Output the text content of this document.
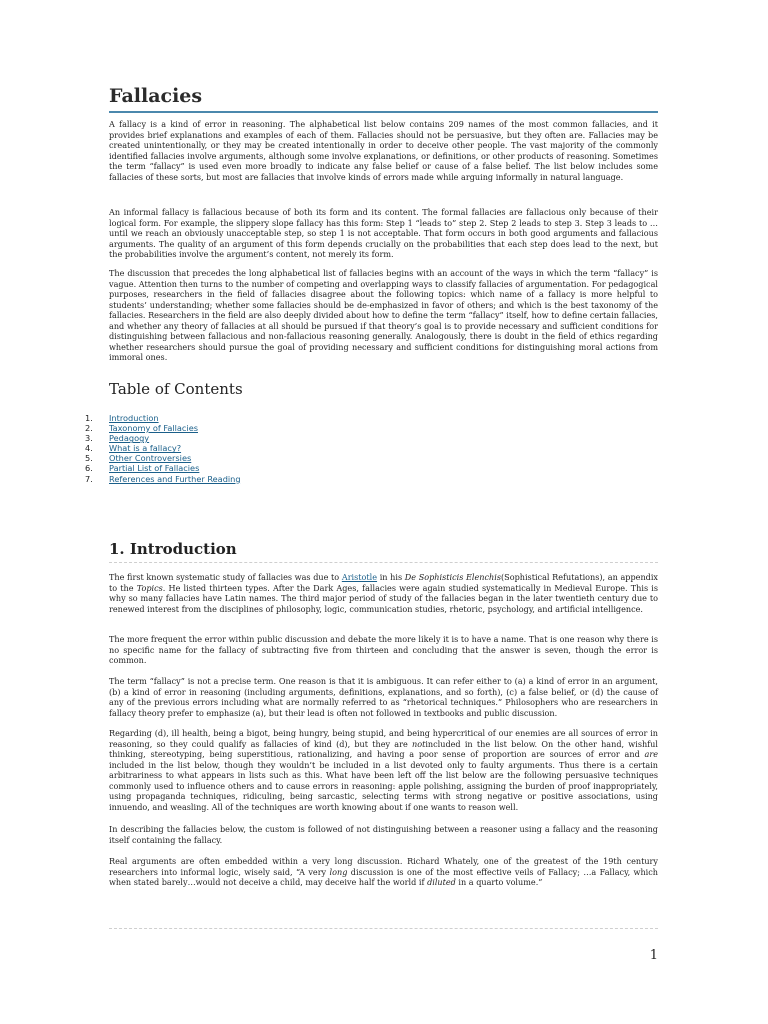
Fallacies

A fallacy is a kind of error in reasoning. The alphabetical list below contains 209 names of the most common fallacies, and it provides brief explanations and examples of each of them. Fallacies should not be persuasive, but they often are. Fallacies may be created unintentionally, or they may be created intentionally in order to deceive other people. The vast majority of the commonly identified fallacies involve arguments, although some involve explanations, or definitions, or other products of reasoning. Sometimes the term “fallacy” is used even more broadly to indicate any false belief or cause of a false belief. The list below includes some fallacies of these sorts, but most are fallacies that involve kinds of errors made while arguing informally in natural language.

An informal fallacy is fallacious because of both its form and its content. The formal fallacies are fallacious only because of their logical form. For example, the slippery slope fallacy has this form: Step 1 “leads to” step 2. Step 2 leads to step 3. Step 3 leads to … until we reach an obviously unacceptable step, so step 1 is not acceptable. That form occurs in both good arguments and fallacious arguments. The quality of an argument of this form depends crucially on the probabilities that each step does lead to the next, but the probabilities involve the argument’s content, not merely its form.

The discussion that precedes the long alphabetical list of fallacies begins with an account of the ways in which the term “fallacy” is vague. Attention then turns to the number of competing and overlapping ways to classify fallacies of argumentation. For pedagogical purposes, researchers in the field of fallacies disagree about the following topics: which name of a fallacy is more helpful to students’ understanding; whether some fallacies should be de-emphasized in favor of others; and which is the best taxonomy of the fallacies. Researchers in the field are also deeply divided about how to define the term “fallacy” itself, how to define certain fallacies, and whether any theory of fallacies at all should be pursued if that theory’s goal is to provide necessary and sufficient conditions for distinguishing between fallacious and non-fallacious reasoning generally. Analogously, there is doubt in the field of ethics regarding whether researchers should pursue the goal of providing necessary and sufficient conditions for distinguishing moral actions from immoral ones.

Table of Contents
1.	Introduction
2.	Taxonomy of Fallacies
3.	Pedagogy
4.	What is a fallacy?
5.	Other Controversies
6.	Partial List of Fallacies
7.	References and Further Reading
1. Introduction

The first known systematic study of fallacies was due to Aristotle in his De Sophisticis Elenchis(Sophistical Refutations), an appendix to the Topics. He listed thirteen types. After the Dark Ages, fallacies were again studied systematically in Medieval Europe. This is why so many fallacies have Latin names. The third major period of study of the fallacies began in the later twentieth century due to renewed interest from the disciplines of philosophy, logic, communication studies, rhetoric, psychology, and artificial intelligence.

The more frequent the error within public discussion and debate the more likely it is to have a name. That is one reason why there is no specific name for the fallacy of subtracting five from thirteen and concluding that the answer is seven, though the error is common.

The term “fallacy” is not a precise term. One reason is that it is ambiguous. It can refer either to (a) a kind of error in an argument, (b) a kind of error in reasoning (including arguments, definitions, explanations, and so forth), (c) a false belief, or (d) the cause of any of the previous errors including what are normally referred to as “rhetorical techniques.” Philosophers who are researchers in fallacy theory prefer to emphasize (a), but their lead is often not followed in textbooks and public discussion.

Regarding (d), ill health, being a bigot, being hungry, being stupid, and being hypercritical of our enemies are all sources of error in reasoning, so they could qualify as fallacies of kind (d), but they are notincluded in the list below. On the other hand, wishful thinking, stereotyping, being superstitious, rationalizing, and having a poor sense of proportion are sources of error and are included in the list below, though they wouldn’t be included in a list devoted only to faulty arguments. Thus there is a certain arbitrariness to what appears in lists such as this. What have been left off the list below are the following persuasive techniques commonly used to influence others and to cause errors in reasoning: apple polishing, assigning the burden of proof inappropriately, using propaganda techniques, ridiculing, being sarcastic, selecting terms with strong negative or positive associations, using innuendo, and weasling. All of the techniques are worth knowing about if one wants to reason well.

In describing the fallacies below, the custom is followed of not distinguishing between a reasoner using a fallacy and the reasoning itself containing the fallacy.

Real arguments are often embedded within a very long discussion. Richard Whately, one of the greatest of the 19th century researchers into informal logic, wisely said, “A very long discussion is one of the most effective veils of Fallacy; …a Fallacy, which when stated barely…would not deceive a child, may deceive half the world if diluted in a quarto volume.”

1
